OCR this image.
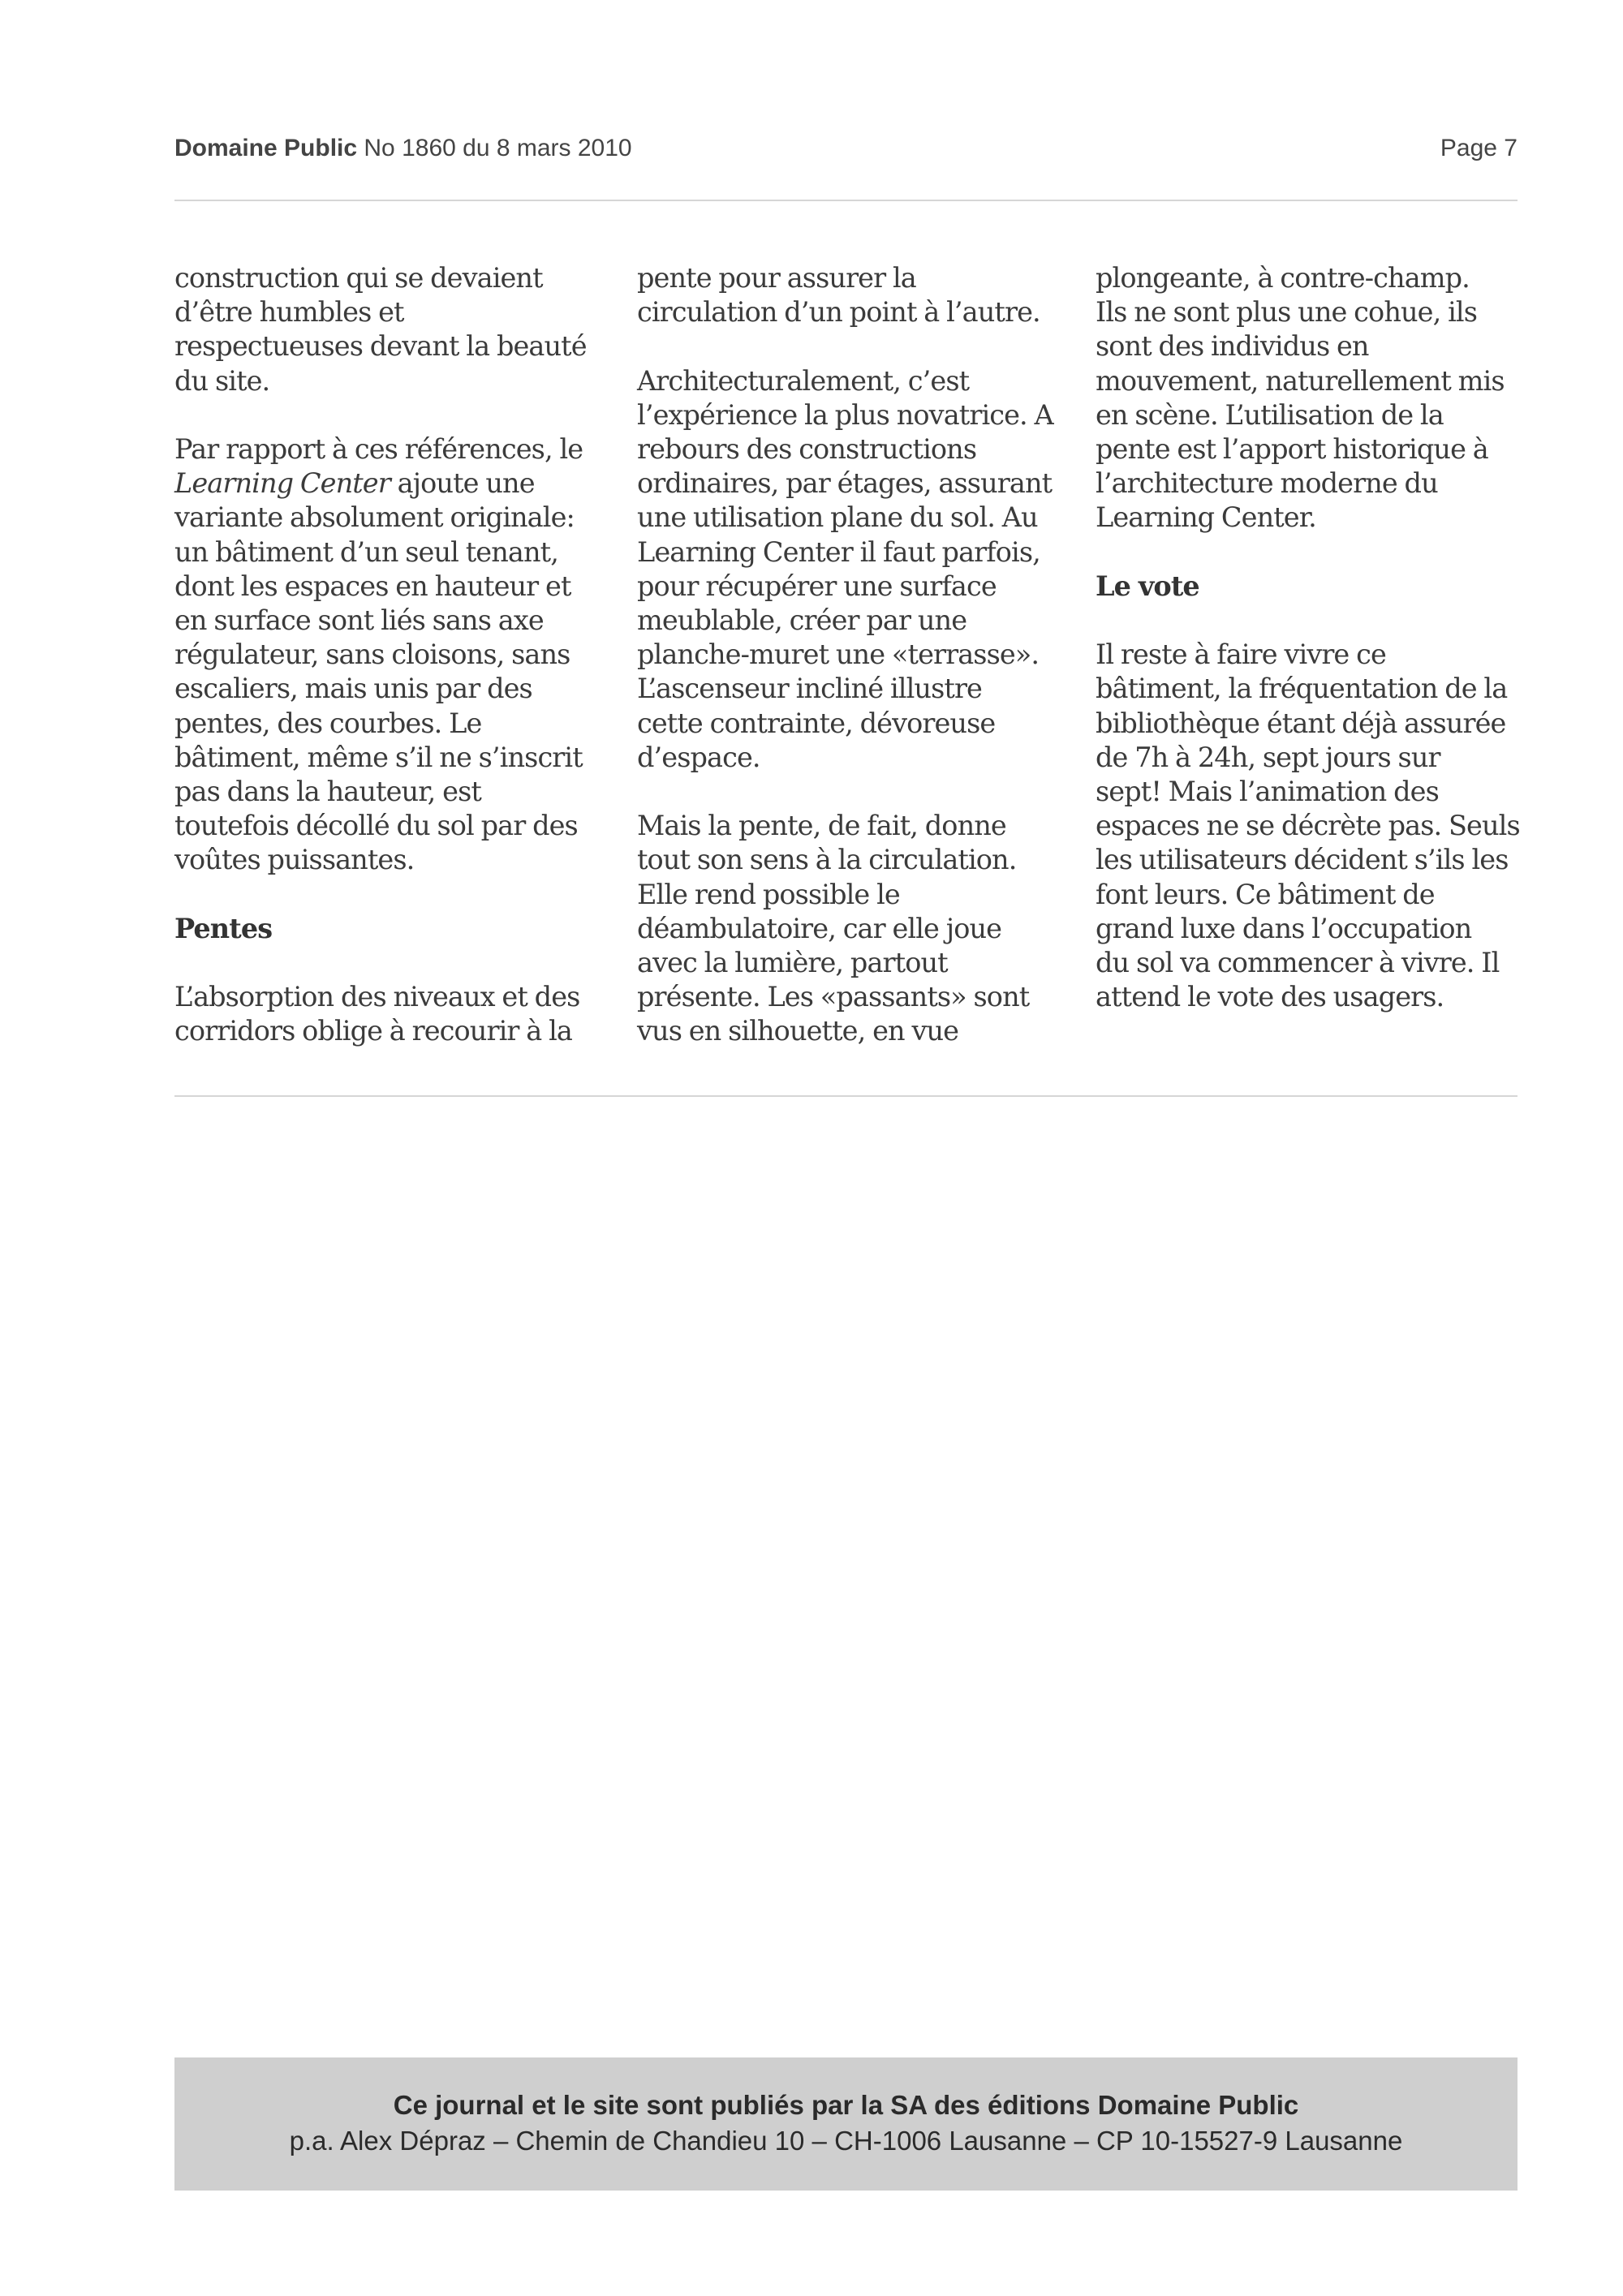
Domaine Public No 1860 du 8 mars 2010	Page 7

construction qui se devaient
d’être humbles et
respectueuses devant la beauté
du site.

Par rapport à ces références, le
Learning Center ajoute une
variante absolument originale:
un bâtiment d’un seul tenant,
dont les espaces en hauteur et
en surface sont liés sans axe
régulateur, sans cloisons, sans
escaliers, mais unis par des
pentes, des courbes. Le
bâtiment, même s’il ne s’inscrit
pas dans la hauteur, est
toutefois décollé du sol par des
voûtes puissantes.

Pentes

L’absorption des niveaux et des
corridors oblige à recourir à la

pente pour assurer la
circulation d’un point à l’autre.

Architecturalement, c’est
l’expérience la plus novatrice. A
rebours des constructions
ordinaires, par étages, assurant
une utilisation plane du sol. Au
Learning Center il faut parfois,
pour récupérer une surface
meublable, créer par une
planche-muret une «terrasse».
L’ascenseur incliné illustre
cette contrainte, dévoreuse
d’espace.

Mais la pente, de fait, donne
tout son sens à la circulation.
Elle rend possible le
déambulatoire, car elle joue
avec la lumière, partout
présente. Les «passants» sont
vus en silhouette, en vue

plongeante, à contre-champ.
Ils ne sont plus une cohue, ils
sont des individus en
mouvement, naturellement mis
en scène. L’utilisation de la
pente est l’apport historique à
l’architecture moderne du
Learning Center.

Le vote

Il reste à faire vivre ce
bâtiment, la fréquentation de la
bibliothèque étant déjà assurée
de 7h à 24h, sept jours sur
sept! Mais l’animation des
espaces ne se décrète pas. Seuls
les utilisateurs décident s’ils les
font leurs. Ce bâtiment de
grand luxe dans l’occupation
du sol va commencer à vivre. Il
attend le vote des usagers.

Ce journal et le site sont publiés par la SA des éditions Domaine Public
p.a. Alex Dépraz – Chemin de Chandieu 10 – CH-1006 Lausanne – CP 10-15527-9 Lausanne
